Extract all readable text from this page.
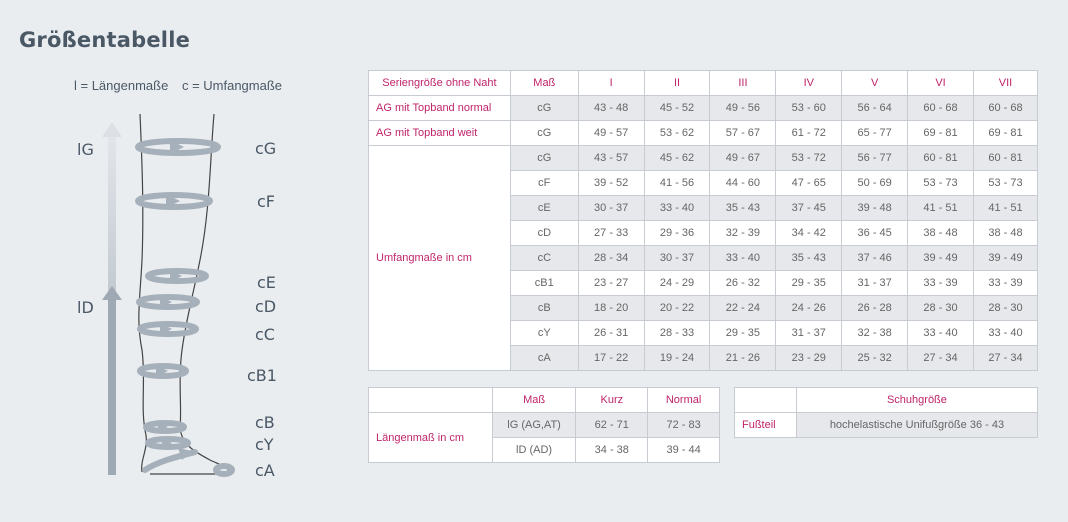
Größentabelle
l = Längenmaße c = Umfangmaße
lG
lD
cG
cF
cE
cD
cC
cB1
cB
cY
cA
Seriengröße ohne Naht	Maß	I	II	III	IV	V	VI	VII
AG mit Topband normal	cG	43 - 48	45 - 52	49 - 56	53 - 60	56 - 64	60 - 68	60 - 68
AG mit Topband weit	cG	49 - 57	53 - 62	57 - 67	61 - 72	65 - 77	69 - 81	69 - 81
Umfangmaße in cm	cG	43 - 57	45 - 62	49 - 67	53 - 72	56 - 77	60 - 81	60 - 81
	cF	39 - 52	41 - 56	44 - 60	47 - 65	50 - 69	53 - 73	53 - 73
	cE	30 - 37	33 - 40	35 - 43	37 - 45	39 - 48	41 - 51	41 - 51
	cD	27 - 33	29 - 36	32 - 39	34 - 42	36 - 45	38 - 48	38 - 48
	cC	28 - 34	30 - 37	33 - 40	35 - 43	37 - 46	39 - 49	39 - 49
	cB1	23 - 27	24 - 29	26 - 32	29 - 35	31 - 37	33 - 39	33 - 39
	cB	18 - 20	20 - 22	22 - 24	24 - 26	26 - 28	28 - 30	28 - 30
	cY	26 - 31	28 - 33	29 - 35	31 - 37	32 - 38	33 - 40	33 - 40
	cA	17 - 22	19 - 24	21 - 26	23 - 29	25 - 32	27 - 34	27 - 34
	Maß	Kurz	Normal
Längenmaß in cm	lG (AG,AT)	62 - 71	72 - 83
	lD (AD)	34 - 38	39 - 44
	Schuhgröße
Fußteil	hochelastische Unifußgröße 36 - 43
